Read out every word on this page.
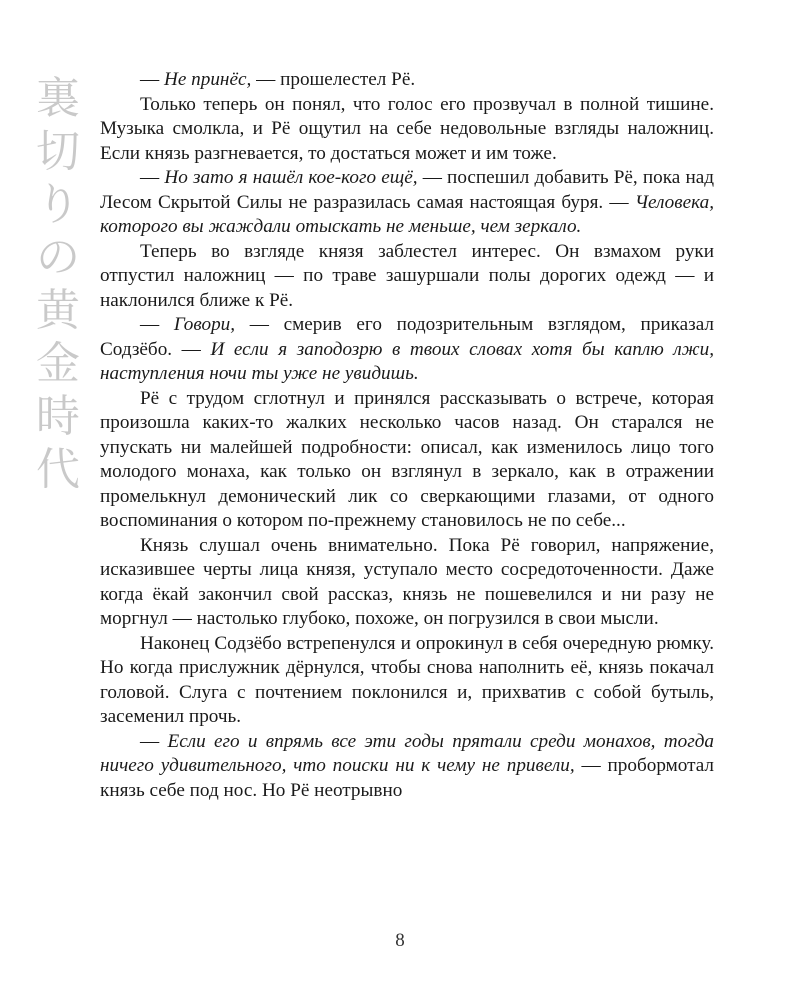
裏
切
り
の
黄
金
時
代

— Не принёс, — прошелестел Рё.

Только теперь он понял, что голос его прозвучал в полной тишине. Музыка смолкла, и Рё ощутил на себе недовольные взгляды наложниц. Если князь разгневается, то достаться может и им тоже.

— Но зато я нашёл кое-кого ещё, — поспешил добавить Рё, пока над Лесом Скрытой Силы не разразилась самая настоящая буря. — Человека, которого вы жаждали отыскать не меньше, чем зеркало.

Теперь во взгляде князя заблестел интерес. Он взмахом руки отпустил наложниц — по траве зашуршали полы дорогих одежд — и наклонился ближе к Рё.

— Говори, — смерив его подозрительным взглядом, приказал Содзёбо. — И если я заподозрю в твоих словах хотя бы каплю лжи, наступления ночи ты уже не увидишь.

Рё с трудом сглотнул и принялся рассказывать о встрече, которая произошла каких-то жалких несколько часов назад. Он старался не упускать ни малейшей подробности: описал, как изменилось лицо того молодого монаха, как только он взглянул в зеркало, как в отражении промелькнул демонический лик со сверкающими глазами, от одного воспоминания о котором по-прежнему становилось не по себе...

Князь слушал очень внимательно. Пока Рё говорил, напряжение, исказившее черты лица князя, уступало место сосредоточенности. Даже когда ёкай закончил свой рассказ, князь не пошевелился и ни разу не моргнул — настолько глубоко, похоже, он погрузился в свои мысли.

Наконец Содзёбо встрепенулся и опрокинул в себя очередную рюмку. Но когда прислужник дёрнулся, чтобы снова наполнить её, князь покачал головой. Слуга с почтением поклонился и, прихватив с собой бутыль, засеменил прочь.

— Если его и впрямь все эти годы прятали среди монахов, тогда ничего удивительного, что поиски ни к чему не привели, — пробормотал князь себе под нос. Но Рё неотрывно

8
